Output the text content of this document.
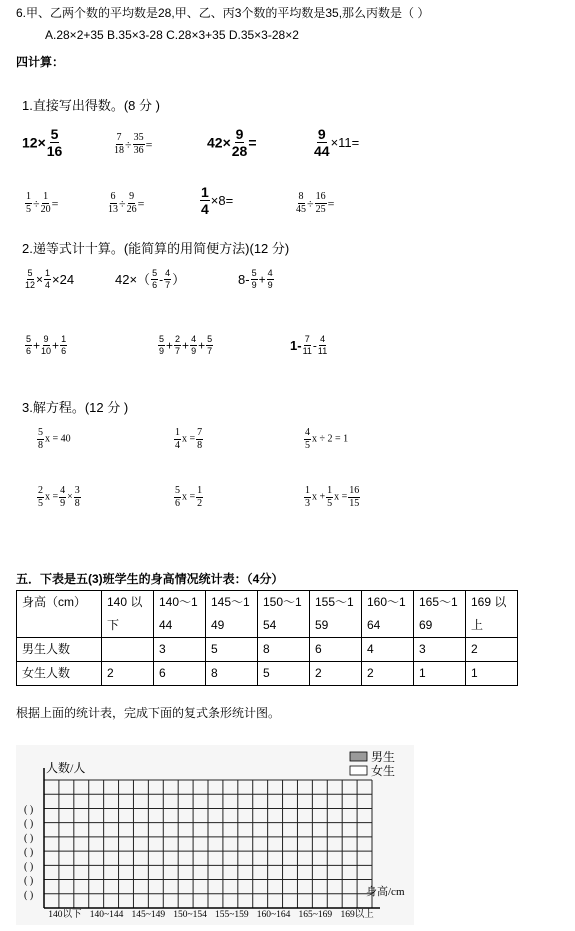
6.甲、乙两个数的平均数是28,甲、乙、丙3个数的平均数是35,那么丙数是（ ）
A.28×2+35 B.35×3-28 C.28×3+35 D.35×3-28×2
四计算：
1.直接写出得数。(8 分 )
$12\times \frac{5}{16}$	$\frac{7}{18} \div \frac{35}{36}$ =	$42\times \frac{9}{28}$ =	$\frac{9}{44} \times 11=$
$\frac{1}{5} \div \frac{1}{20}$ =	$\frac{6}{13} \div \frac{9}{26}$ =	$\frac{1}{4} \times 8=$	$\frac{8}{45} \div \frac{16}{25}$ =
2.递等式计十算。(能简算的用简便方法)(12 分)
$\frac{5}{12} \times \frac{1}{4} \times 24$	$42\times( \frac{5}{6} - \frac{4}{7}$ ）	$8- \frac{5}{9} + \frac{4}{9}$
$\frac{5}{6} + \frac{9}{10} + \frac{1}{6}$	$\frac{5}{9} + \frac{2}{7} + \frac{4}{9} + \frac{5}{7}$	$1- \frac{7}{11} - \frac{4}{11}$
3.解方程。(12 分 )
$\frac{5}{8}$ x = 40	$\frac{1}{4}$ $x = \frac{7}{8}$	$\frac{4}{5}$ x ÷ 2 = 1
$\frac{2}{5}$ $x = \frac{4}{9} \times \frac{3}{8}$	$\frac{5}{6}$ $x = \frac{1}{2}$	$\frac{1}{3}$ $x + \frac{1}{5}$ $x = \frac{16}{15}$
五．下表是五(3)班学生的身高情况统计表：（4分）
身高（cm）	140 以下	140～144	145～149	150～154	155～159	160～164	165～169	169 以上
男生人数		3	5	8	6	4	3	2
女生人数	2	6	8	5	2	2	1	1
根据上面的统计表，完成下面的复式条形统计图。
人数/人
身高/cm
( )
( )
( )
( )
( )
( )
( )
140以下 140~144 145~149 150~154 155~159 160~164 165~169 169以上
男生
女生
